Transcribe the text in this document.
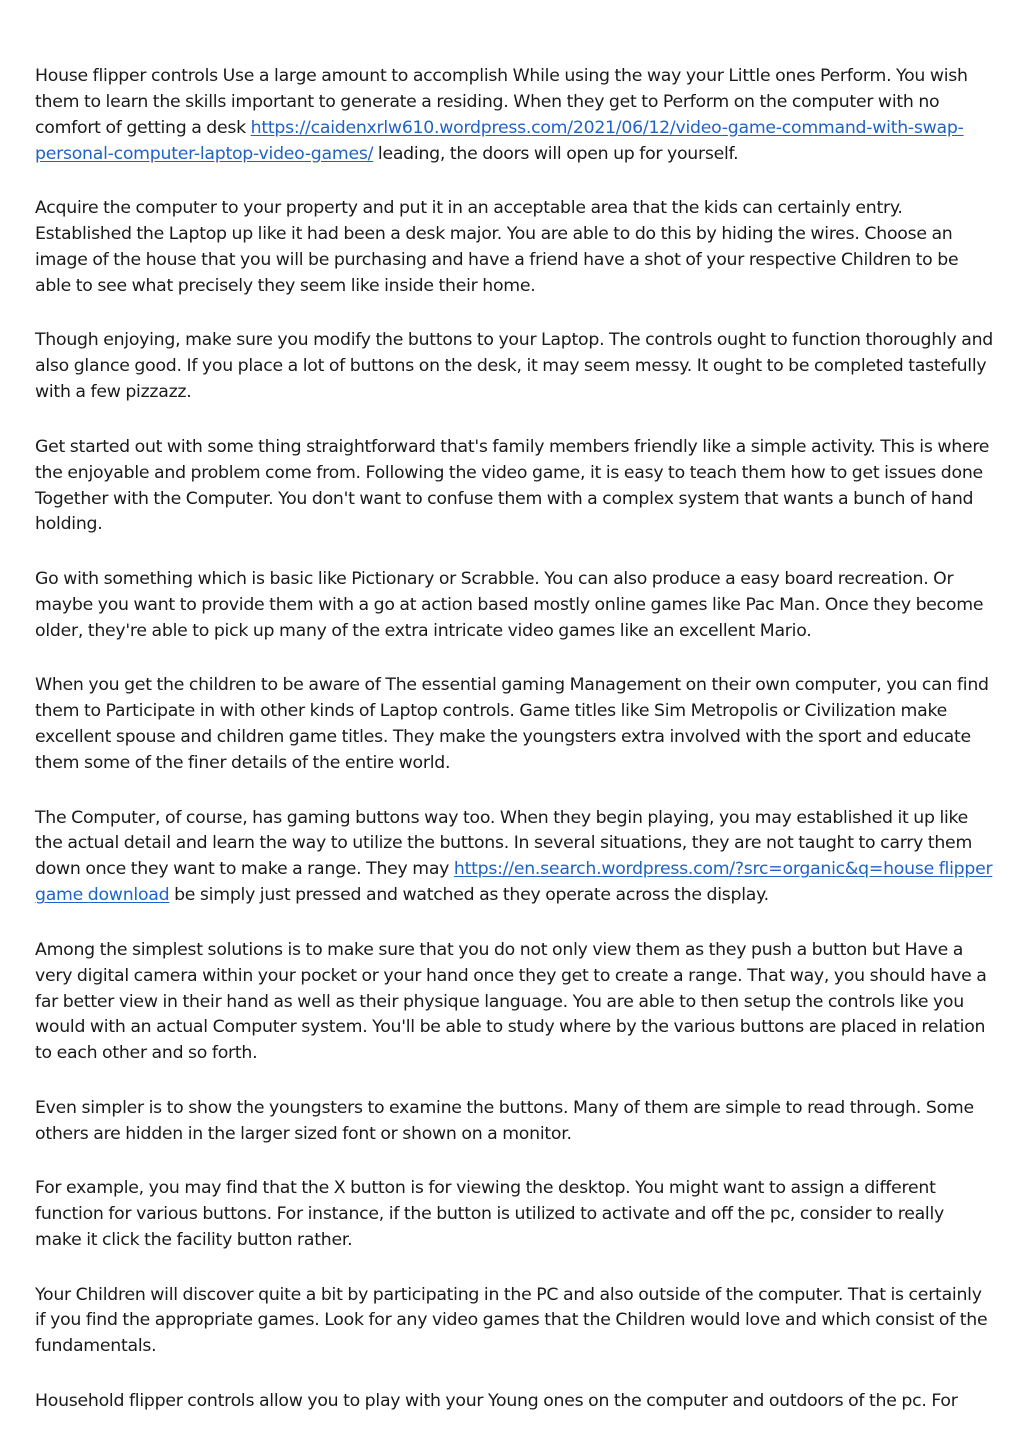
House flipper controls Use a large amount to accomplish While using the way your Little ones Perform. You wish them to learn the skills important to generate a residing. When they get to Perform on the computer with no comfort of getting a desk https://caidenxrlw610.wordpress.com/2021/06/12/video-game-command-with-swap-personal-computer-laptop-video-games/ leading, the doors will open up for yourself.

Acquire the computer to your property and put it in an acceptable area that the kids can certainly entry. Established the Laptop up like it had been a desk major. You are able to do this by hiding the wires. Choose an image of the house that you will be purchasing and have a friend have a shot of your respective Children to be able to see what precisely they seem like inside their home.

Though enjoying, make sure you modify the buttons to your Laptop. The controls ought to function thoroughly and also glance good. If you place a lot of buttons on the desk, it may seem messy. It ought to be completed tastefully with a few pizzazz.

Get started out with some thing straightforward that's family members friendly like a simple activity. This is where the enjoyable and problem come from. Following the video game, it is easy to teach them how to get issues done Together with the Computer. You don't want to confuse them with a complex system that wants a bunch of hand holding.

Go with something which is basic like Pictionary or Scrabble. You can also produce a easy board recreation. Or maybe you want to provide them with a go at action based mostly online games like Pac Man. Once they become older, they're able to pick up many of the extra intricate video games like an excellent Mario.

When you get the children to be aware of The essential gaming Management on their own computer, you can find them to Participate in with other kinds of Laptop controls. Game titles like Sim Metropolis or Civilization make excellent spouse and children game titles. They make the youngsters extra involved with the sport and educate them some of the finer details of the entire world.

The Computer, of course, has gaming buttons way too. When they begin playing, you may established it up like the actual detail and learn the way to utilize the buttons. In several situations, they are not taught to carry them down once they want to make a range. They may https://en.search.wordpress.com/?src=organic&q=house flipper game download be simply just pressed and watched as they operate across the display.

Among the simplest solutions is to make sure that you do not only view them as they push a button but Have a very digital camera within your pocket or your hand once they get to create a range. That way, you should have a far better view in their hand as well as their physique language. You are able to then setup the controls like you would with an actual Computer system. You'll be able to study where by the various buttons are placed in relation to each other and so forth.

Even simpler is to show the youngsters to examine the buttons. Many of them are simple to read through. Some others are hidden in the larger sized font or shown on a monitor.

For example, you may find that the X button is for viewing the desktop. You might want to assign a different function for various buttons. For instance, if the button is utilized to activate and off the pc, consider to really make it click the facility button rather.

Your Children will discover quite a bit by participating in the PC and also outside of the computer. That is certainly if you find the appropriate games. Look for any video games that the Children would love and which consist of the fundamentals.

Household flipper controls allow you to play with your Young ones on the computer and outdoors of the pc. For
